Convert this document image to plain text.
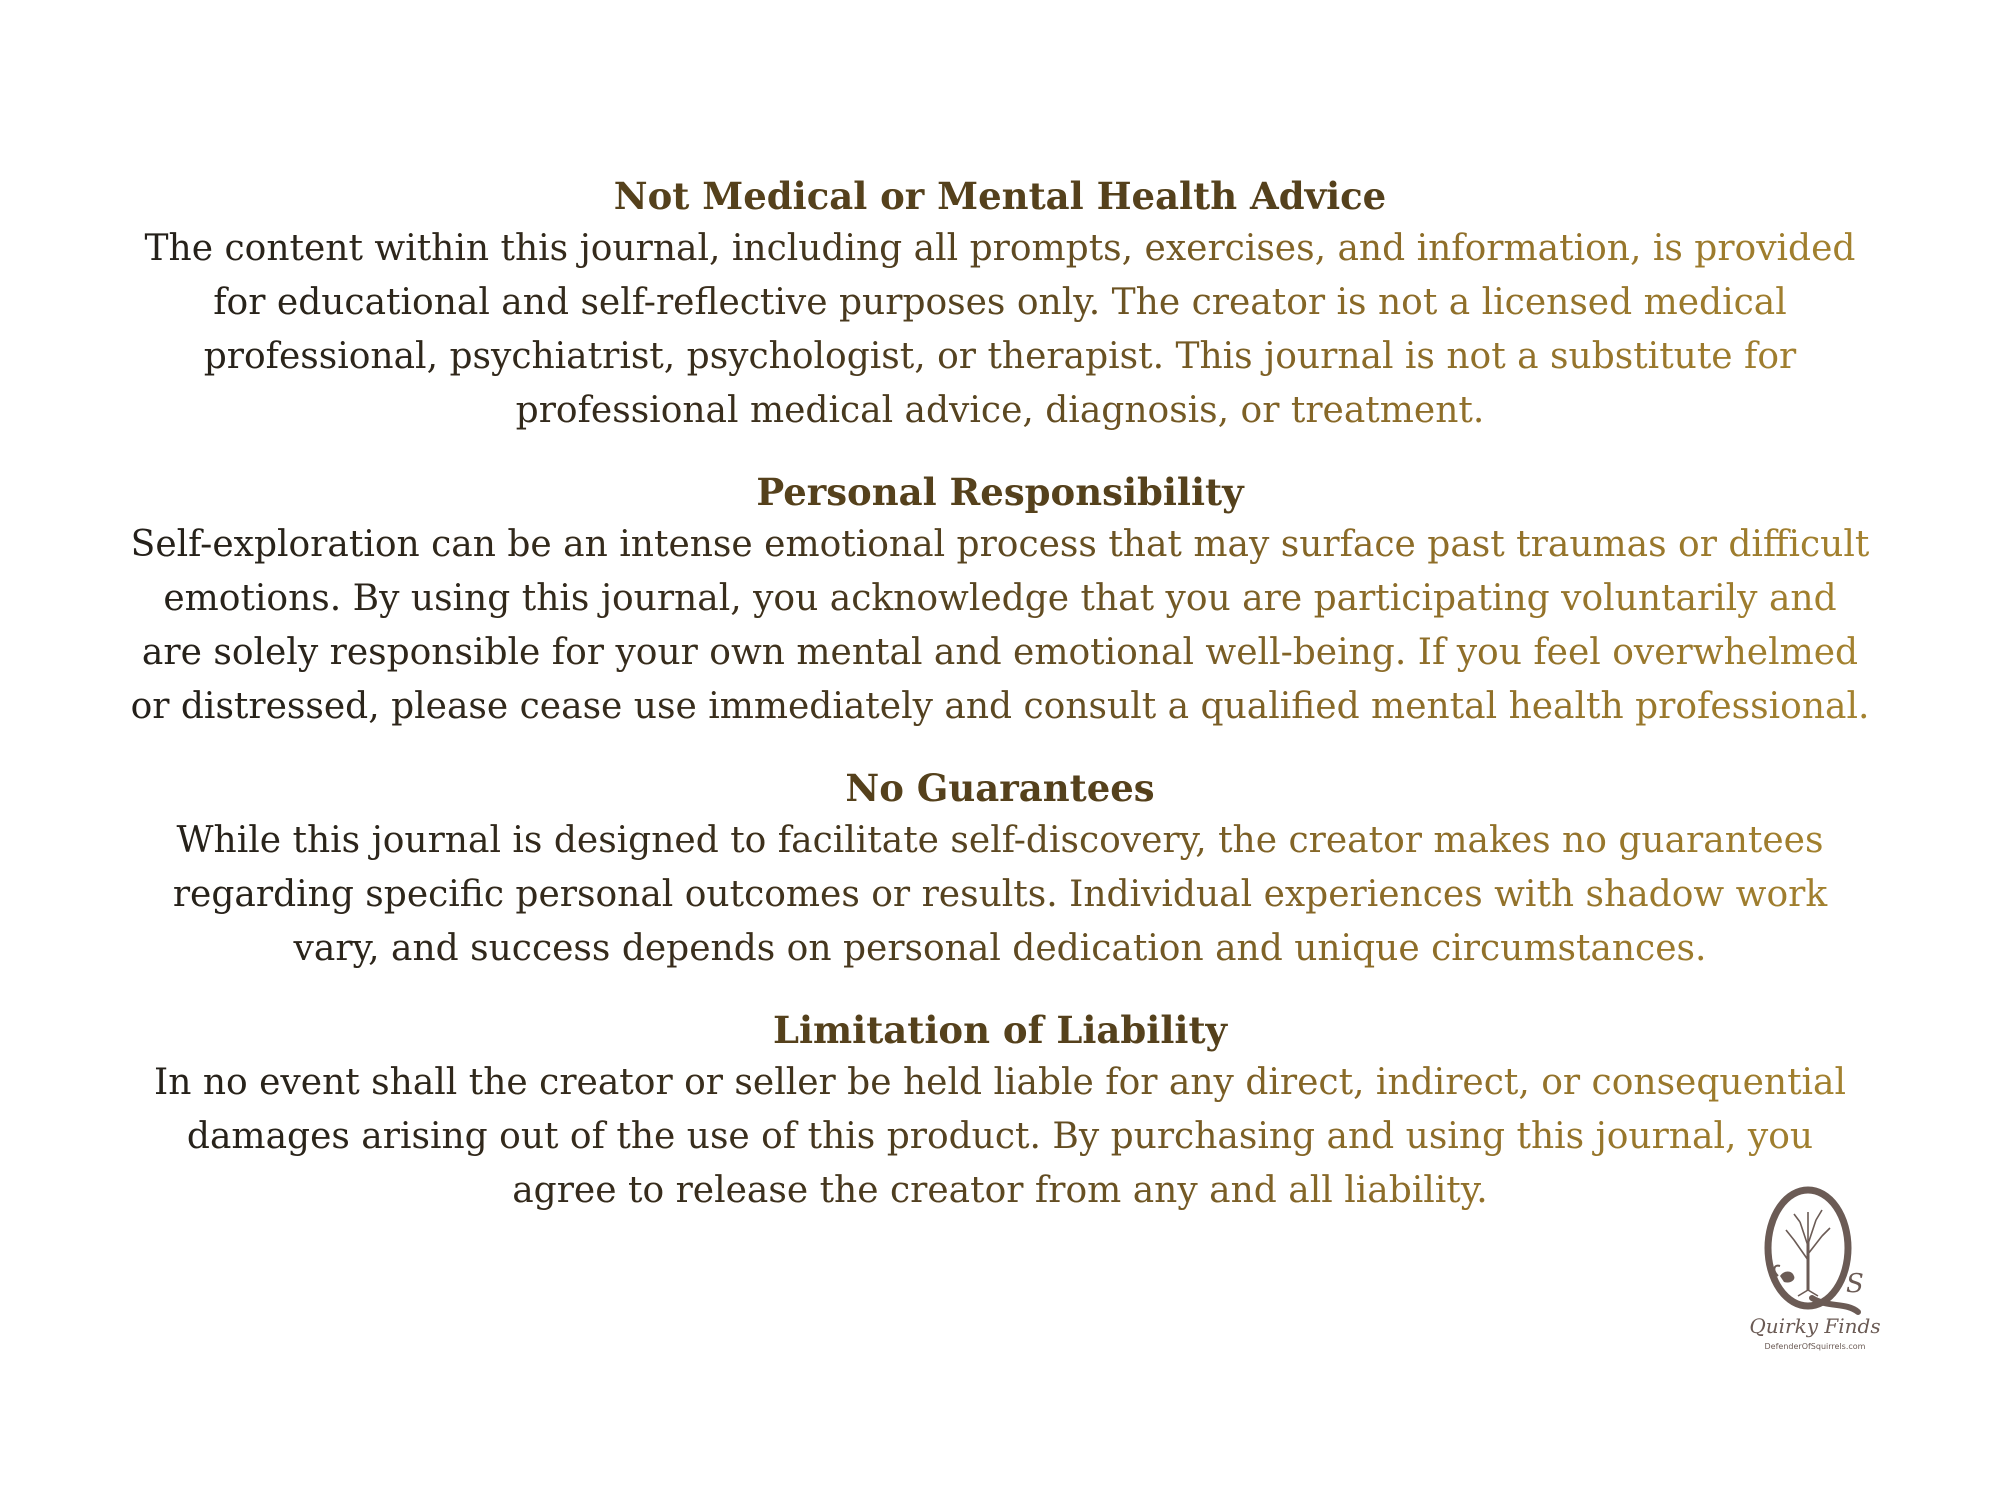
Not Medical or Mental Health Advice

The content within this journal, including all prompts, exercises, and information, is provided for educational and self-reflective purposes only. The creator is not a licensed medical professional, psychiatrist, psychologist, or therapist. This journal is not a substitute for professional medical advice, diagnosis, or treatment.

Personal Responsibility

Self-exploration can be an intense emotional process that may surface past traumas or difficult emotions. By using this journal, you acknowledge that you are participating voluntarily and are solely responsible for your own mental and emotional well-being. If you feel overwhelmed or distressed, please cease use immediately and consult a qualified mental health professional.

No Guarantees

While this journal is designed to facilitate self-discovery, the creator makes no guarantees regarding specific personal outcomes or results. Individual experiences with shadow work vary, and success depends on personal dedication and unique circumstances.

Limitation of Liability

In no event shall the creator or seller be held liable for any direct, indirect, or consequential damages arising out of the use of this product. By purchasing and using this journal, you agree to release the creator from any and all liability.

S
Quirky Finds
DefenderOfSquirrels.com
